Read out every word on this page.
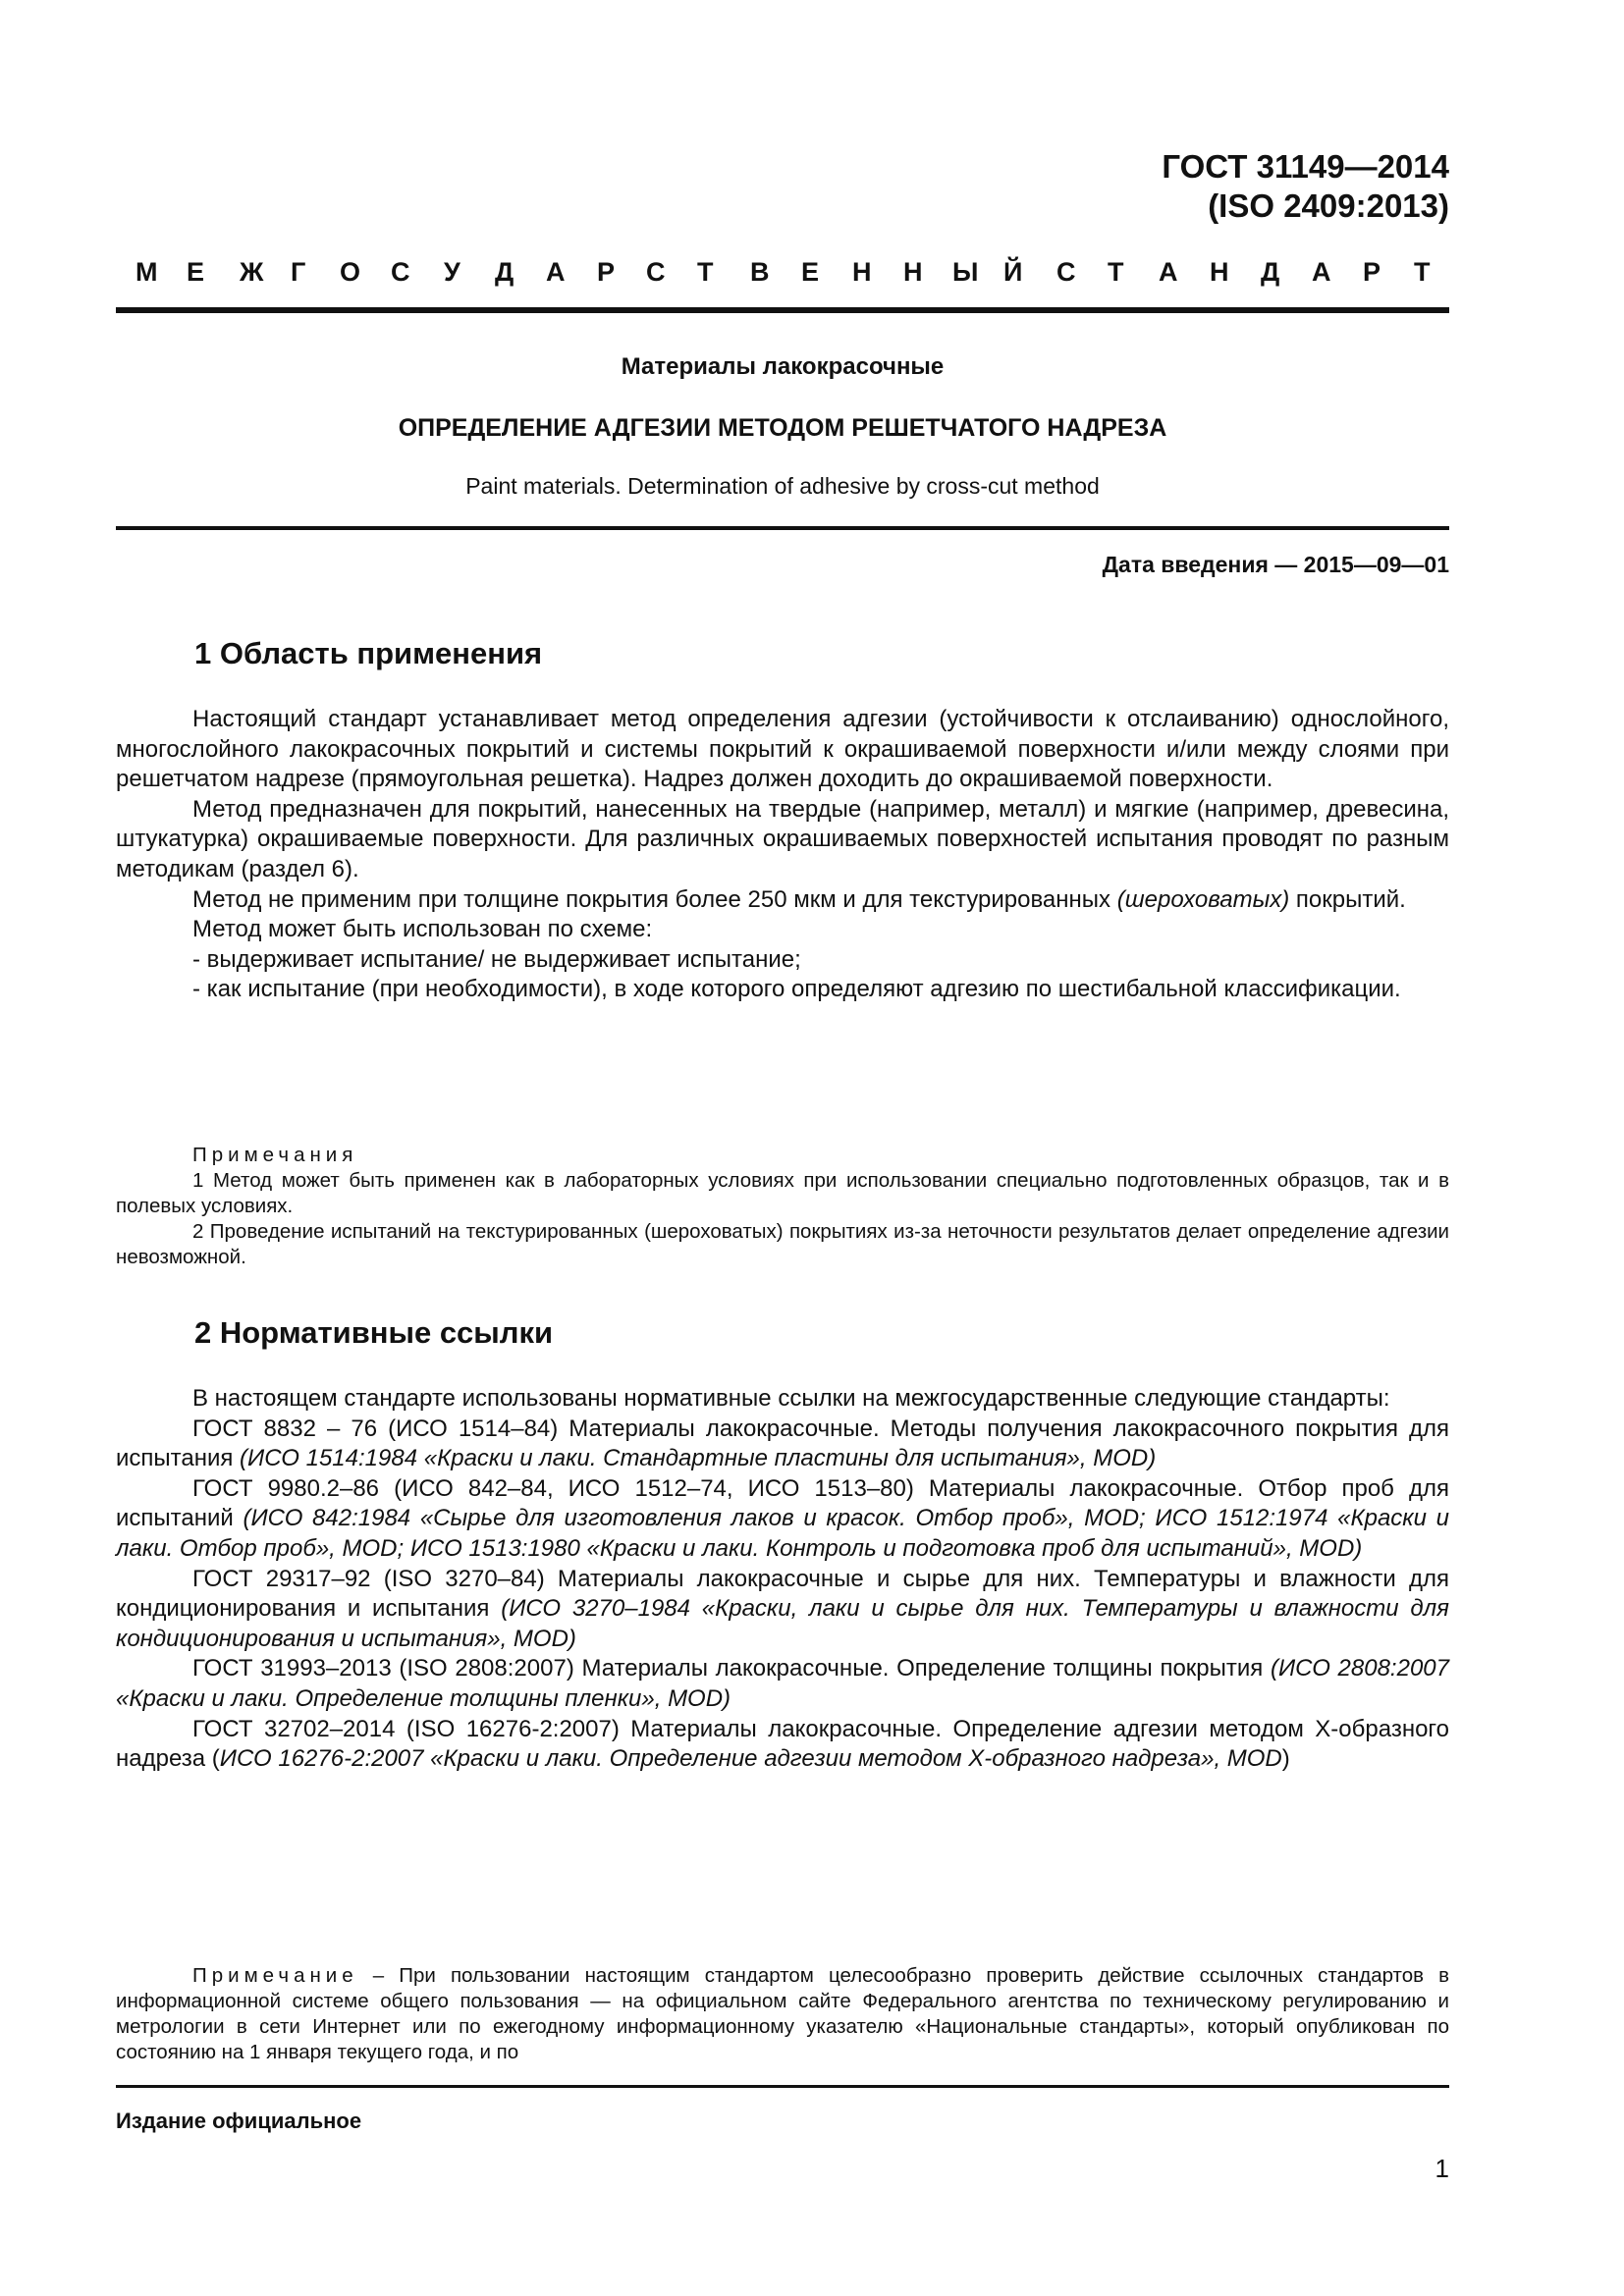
ГОСТ 31149—2014
(ISO 2409:2013)
М Е Ж Г О С У Д А Р С Т В Е Н Н Ы Й С Т А Н Д А Р Т
Материалы лакокрасочные
ОПРЕДЕЛЕНИЕ АДГЕЗИИ МЕТОДОМ РЕШЕТЧАТОГО НАДРЕЗА
Paint materials. Determination of adhesive by cross-cut method
Дата введения — 2015—09—01
1 Область применения

Настоящий стандарт устанавливает метод определения адгезии (устойчивости к отслаиванию) однослойного, многослойного лакокрасочных покрытий и системы покрытий к окрашиваемой поверхности и/или между слоями при решетчатом надрезе (прямоугольная решетка). Надрез должен доходить до окрашиваемой поверхности.

Метод предназначен для покрытий, нанесенных на твердые (например, металл) и мягкие (например, древесина, штукатурка) окрашиваемые поверхности. Для различных окрашиваемых поверхностей испытания проводят по разным методикам (раздел 6).

Метод не применим при толщине покрытия более 250 мкм и для текстурированных (шероховатых) покрытий.

Метод может быть использован по схеме:

- выдерживает испытание/ не выдерживает испытание;

- как испытание (при необходимости), в ходе которого определяют адгезию по шестибальной классификации.

Примечания

1 Метод может быть применен как в лабораторных условиях при использовании специально подготовленных образцов, так и в полевых условиях.

2 Проведение испытаний на текстурированных (шероховатых) покрытиях из-за неточности результатов делает определение адгезии невозможной.

2 Нормативные ссылки

В настоящем стандарте использованы нормативные ссылки на межгосударственные следующие стандарты:

ГОСТ 8832 – 76 (ИСО 1514–84) Материалы лакокрасочные. Методы получения лакокрасочного покрытия для испытания (ИСО 1514:1984 «Краски и лаки. Стандартные пластины для испытания», MOD)

ГОСТ 9980.2–86 (ИСО 842–84, ИСО 1512–74, ИСО 1513–80) Материалы лакокрасочные. Отбор проб для испытаний (ИСО 842:1984 «Сырье для изготовления лаков и красок. Отбор проб», MOD; ИСО 1512:1974 «Краски и лаки. Отбор проб», MOD; ИСО 1513:1980 «Краски и лаки. Контроль и подготовка проб для испытаний», MOD)

ГОСТ 29317–92 (ISO 3270–84) Материалы лакокрасочные и сырье для них. Температуры и влажности для кондиционирования и испытания (ИСО 3270–1984 «Краски, лаки и сырье для них. Температуры и влажности для кондиционирования и испытания», MOD)

ГОСТ 31993–2013 (ISO 2808:2007) Материалы лакокрасочные. Определение толщины покрытия (ИСО 2808:2007 «Краски и лаки. Определение толщины пленки», MOD)

ГОСТ 32702–2014 (ISO 16276-2:2007) Материалы лакокрасочные. Определение адгезии методом Х-образного надреза (ИСО 16276-2:2007 «Краски и лаки. Определение адгезии методом Х-образного надреза», MOD)

Примечание – При пользовании настоящим стандартом целесообразно проверить действие ссылочных стандартов в информационной системе общего пользования — на официальном сайте Федерального агентства по техническому регулированию и метрологии в сети Интернет или по ежегодному информационному указателю «Национальные стандарты», который опубликован по состоянию на 1 января текущего года, и по

Издание официальное
1
